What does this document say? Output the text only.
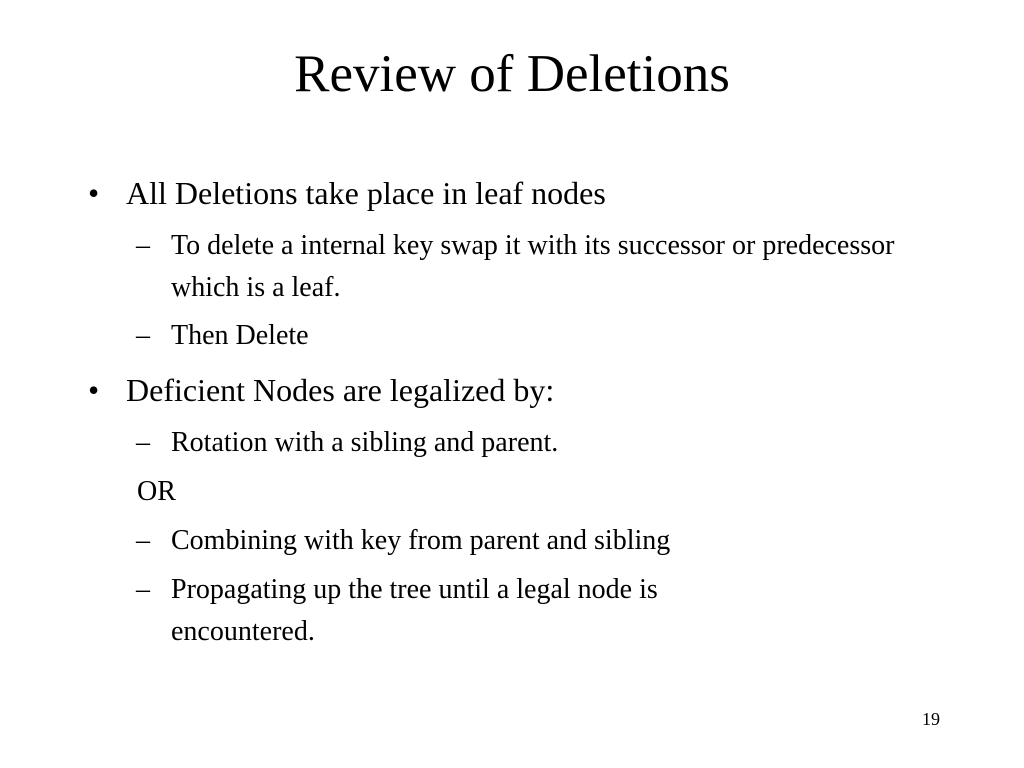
Review of Deletions
• All Deletions take place in leaf nodes
– To delete a internal key swap it with its successor or predecessor which is a leaf.
– Then Delete
• Deficient Nodes are legalized by:
– Rotation with a sibling and parent.
OR
– Combining with key from parent and sibling
– Propagating up the tree until a legal node is encountered.
19
